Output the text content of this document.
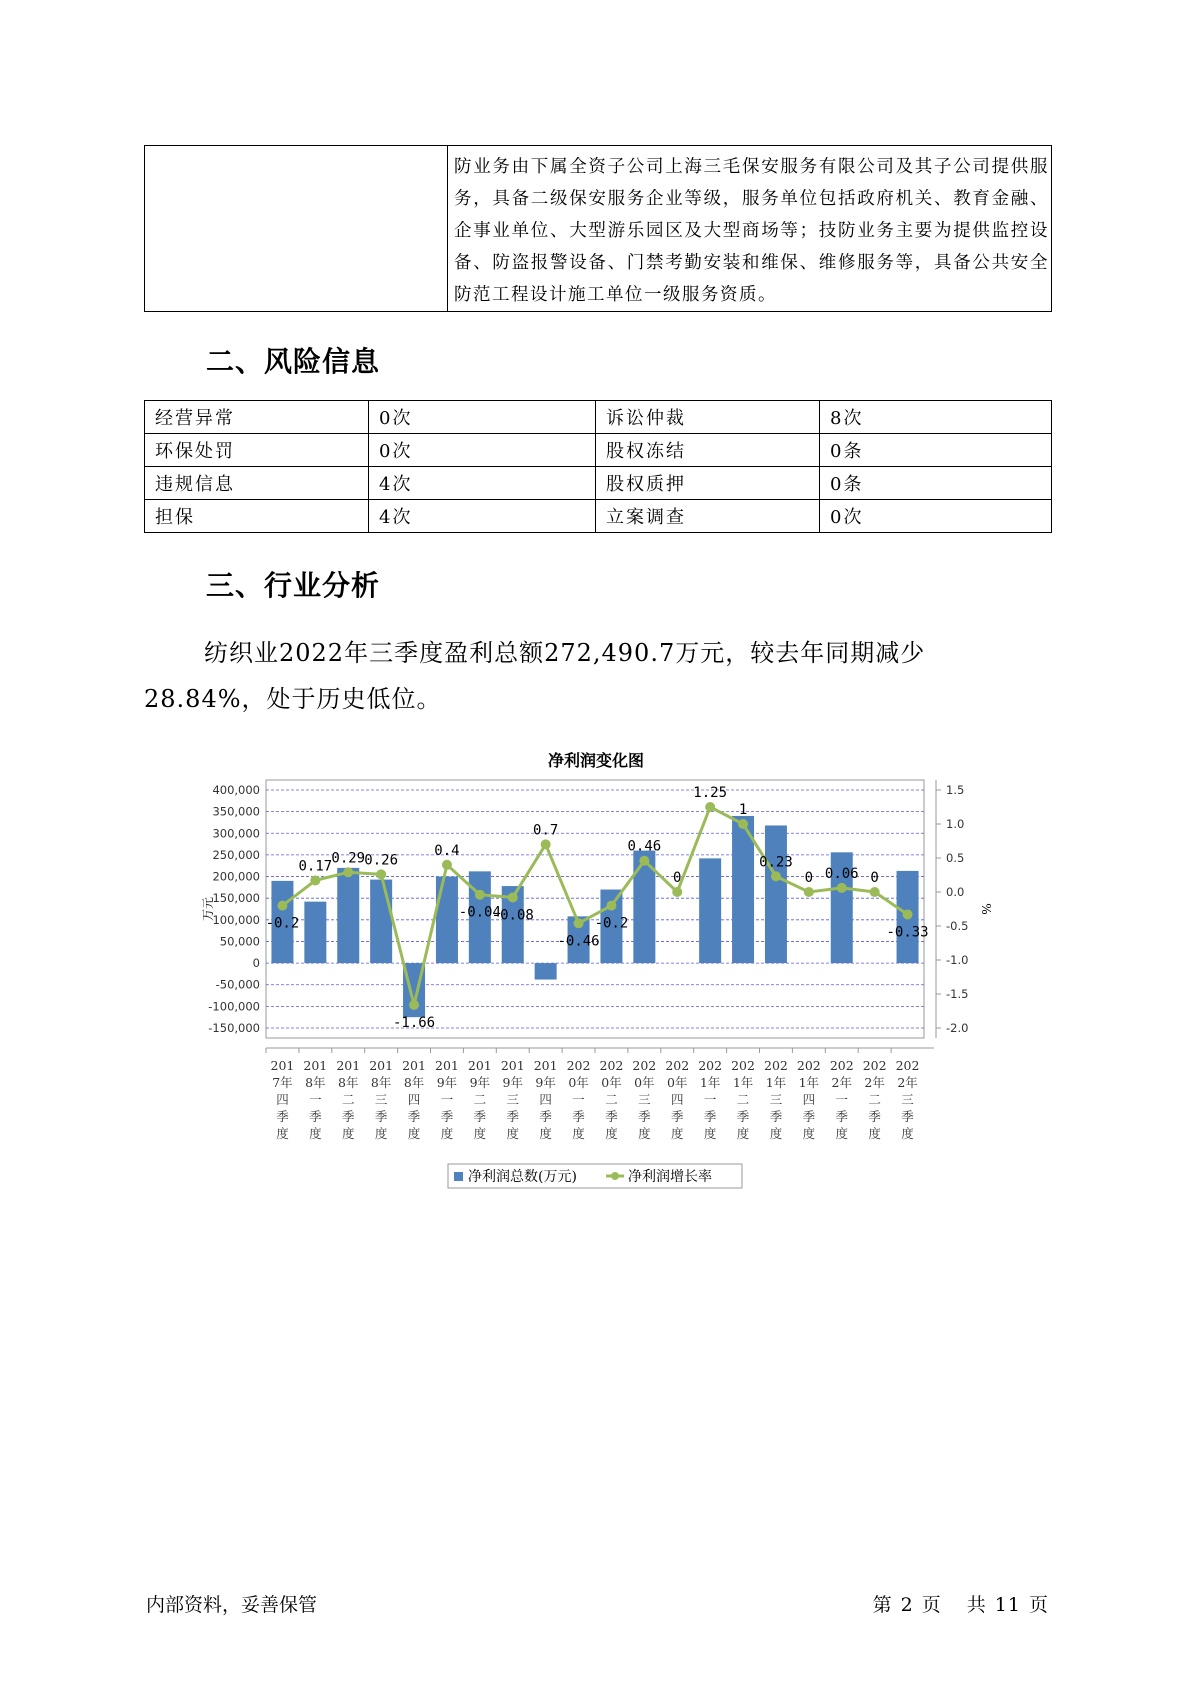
	防业务由下属全资子公司上海三毛保安服务有限公司及其子公司提供服务，具备二级保安服务企业等级，服务单位包括政府机关、教育金融、企事业单位、大型游乐园区及大型商场等；技防业务主要为提供监控设备、防盗报警设备、门禁考勤安装和维保、维修服务等，具备公共安全防范工程设计施工单位一级服务资质。
二、风险信息
经营异常	0次	诉讼仲裁	8次
环保处罚	0次	股权冻结	0条
违规信息	4次	股权质押	0条
担保	4次	立案调查	0次
三、行业分析
纺织业2022年三季度盈利总额272,490.7万元，较去年同期减少28.84%，处于历史低位。
净利润变化图
400,000
350,000
300,000
250,000
200,000
150,000
100,000
50,000
0
-50,000
-100,000
-150,000
1.5
1.0
0.5
0.0
-0.5
-1.0
-1.5
-2.0
万元	%
201 7年四季度
201 8年一季度
201 8年二季度
201 8年三季度
201 8年四季度
201 9年一季度
201 9年二季度
201 9年三季度
201 9年四季度
202 0年一季度
202 0年二季度
202 0年三季度
202 0年四季度
202 1年一季度
202 1年二季度
202 1年三季度
202 1年四季度
202 2年一季度
202 2年二季度
202 2年三季度
-0.2
0.17
0.29 0.26
-1.66
0.4
-0.04
-0.08
0.7
-0.46
-0.2
0.46
0
1.25
1
0.23
0 0.06 0
-0.33
净利润总数(万元)	净利润增长率
内部资料，妥善保管	第 2 页 共 11 页
